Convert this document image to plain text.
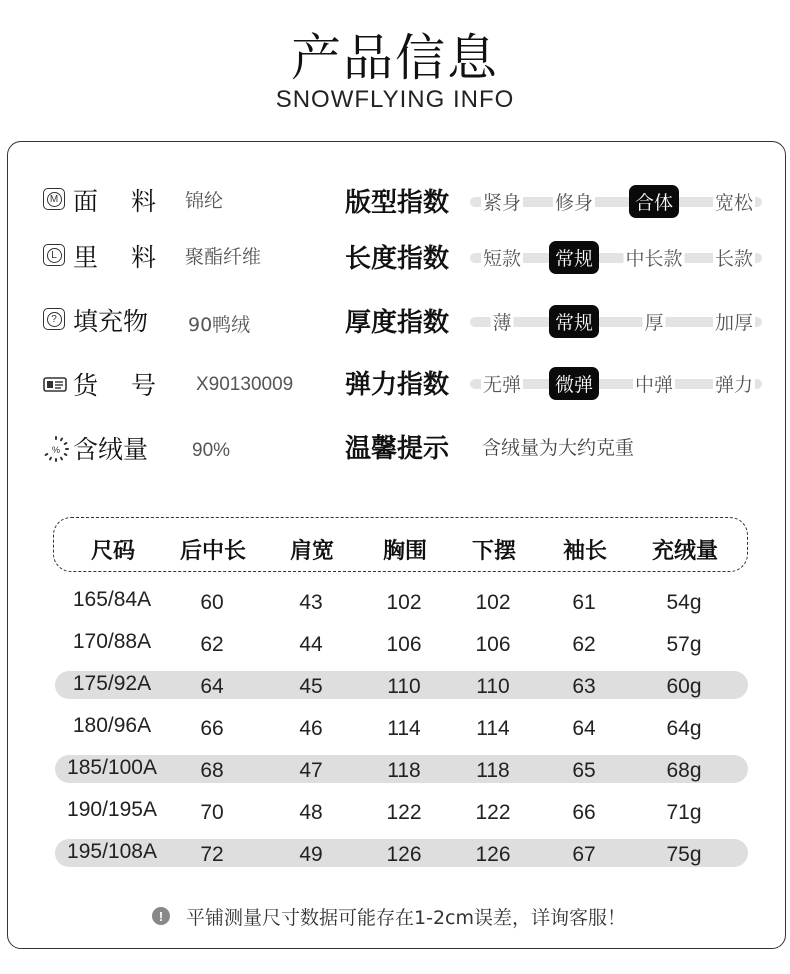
产品信息
SNOWFLYING INFO
M 面　 料 锦纶
L 里　 料 聚酯纤维
? 填充物 90鸭绒
货　 号 X90130009
% 含绒量 90%
版型指数 紧身 修身	合体	宽松
长度指数 短款	常规	中长款 长款
厚度指数 薄	常规	厚	加厚
弹力指数 无弹	微弹	中弹 弹力
温馨提示 含绒量为大约克重
尺码 后中长 肩宽 胸围 下摆 袖长 充绒量
165/84A 60	43	102	102	61	54g
170/88A 62	44	106	106	62	57g
175/92A 64	45	110	110	63	60g
180/96A 66	46	114	114	64	64g
185/100A 68	47	118	118	65	68g
190/195A 70	48	122	122	66	71g
195/108A 72	49	126	126	67	75g
!	平铺测量尺寸数据可能存在1-2cm误差，详询客服！
